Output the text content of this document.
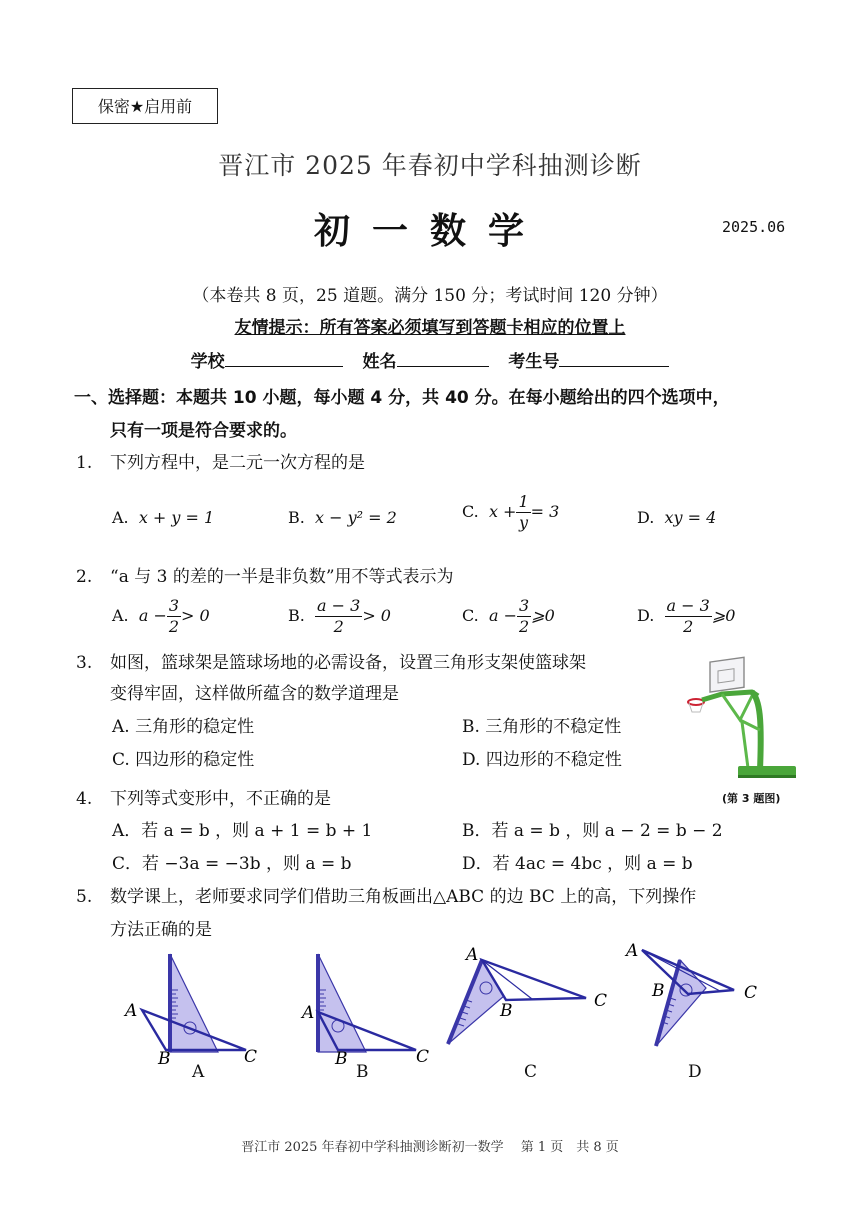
保密★启用前
晋江市 2025 年春初中学科抽测诊断
初一数学	2025.06
（本卷共 8 页，25 道题。满分 150 分；考试时间 120 分钟）
友情提示：所有答案必须填写到答题卡相应的位置上
学校	姓名	考生号
一、选择题：本题共 10 小题，每小题 4 分，共 40 分。在每小题给出的四个选项中，
只有一项是符合要求的。
1. 下列方程中，是二元一次方程的是
A. x + y = 1	B. x − y² = 2	C. $x + \frac{1}{y} = 3$	D. xy = 4
2. “a 与 3 的差的一半是非负数”用不等式表示为
A. $a - \frac{3}{2} > 0$	B. $\frac{a - 3}{2} > 0$	C. $a - \frac{3}{2}$ ⩾0	D. $\frac{a - 3}{2}$ ⩾0
3. 如图，篮球架是篮球场地的必需设备，设置三角形支架使篮球架
变得牢固，这样做所蕴含的数学道理是
A. 三角形的稳定性	B. 三角形的不稳定性
C. 四边形的稳定性	D. 四边形的不稳定性
(第 3 题图)
4. 下列等式变形中，不正确的是
A．若 a = b ，则 a + 1 = b + 1	B．若 a = b ，则 a − 2 = b − 2
C．若 −3a = −3b ，则 a = b	D．若 4ac = 4bc ，则 a = b
5. 数学课上，老师要求同学们借助三角板画出△ABC 的边 BC 上的高，下列操作
方法正确的是
A
B	C
A
A
B	C
B
A
B	C
C
A
B	C
D
晋江市 2025 年春初中学科抽测诊断初一数学　 第 1 页　共 8 页
